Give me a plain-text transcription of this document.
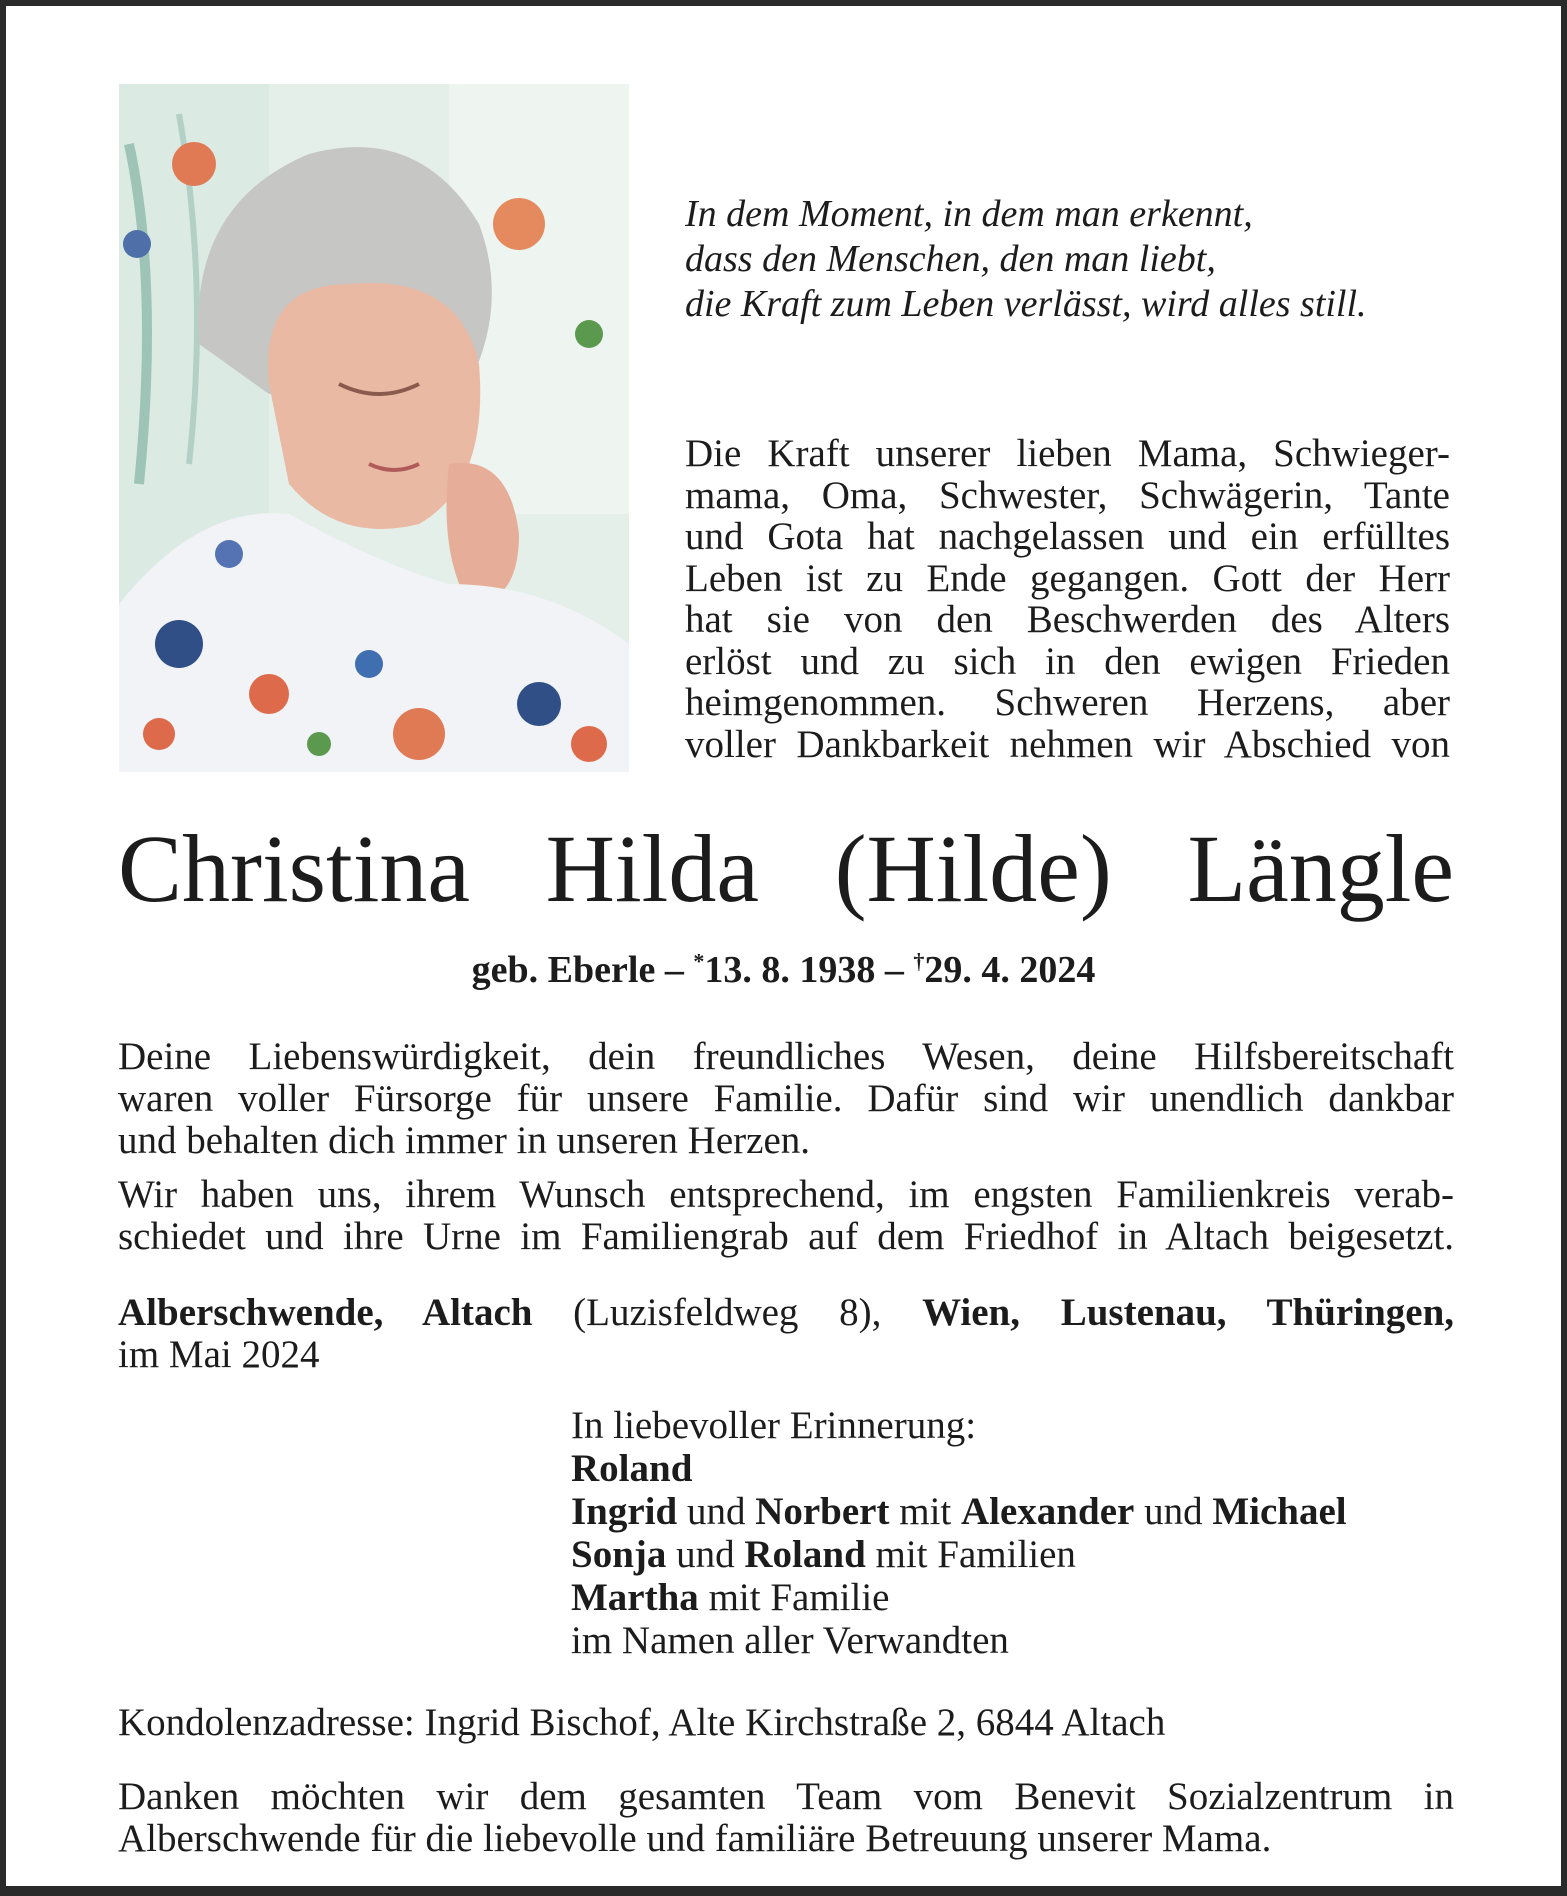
In dem Moment, in dem man erkennt,
dass den Menschen, den man liebt,
die Kraft zum Leben verlässt, wird alles still.
Die Kraft unserer lieben Mama, Schwieger-
mama, Oma, Schwester, Schwägerin, Tante
und Gota hat nachgelassen und ein erfülltes
Leben ist zu Ende gegangen. Gott der Herr
hat sie von den Beschwerden des Alters
erlöst und zu sich in den ewigen Frieden
heimgenommen. Schweren Herzens, aber
voller Dankbarkeit nehmen wir Abschied von
Christina Hilda (Hilde) Längle
geb. Eberle – *13. 8. 1938 – †29. 4. 2024
Deine Liebenswürdigkeit, dein freundliches Wesen, deine Hilfsbereitschaft
waren voller Fürsorge für unsere Familie. Dafür sind wir unendlich dankbar
und behalten dich immer in unseren Herzen.
Wir haben uns, ihrem Wunsch entsprechend, im engsten Familienkreis verab-
schiedet und ihre Urne im Familiengrab auf dem Friedhof in Altach beigesetzt.
Alberschwende, Altach (Luzisfeldweg 8), Wien, Lustenau, Thüringen,
im Mai 2024
In liebevoller Erinnerung:
Roland
Ingrid und Norbert mit Alexander und Michael
Sonja und Roland mit Familien
Martha mit Familie
im Namen aller Verwandten
Kondolenzadresse: Ingrid Bischof, Alte Kirchstraße 2, 6844 Altach
Danken möchten wir dem gesamten Team vom Benevit Sozialzentrum in
Alberschwende für die liebevolle und familiäre Betreuung unserer Mama.
